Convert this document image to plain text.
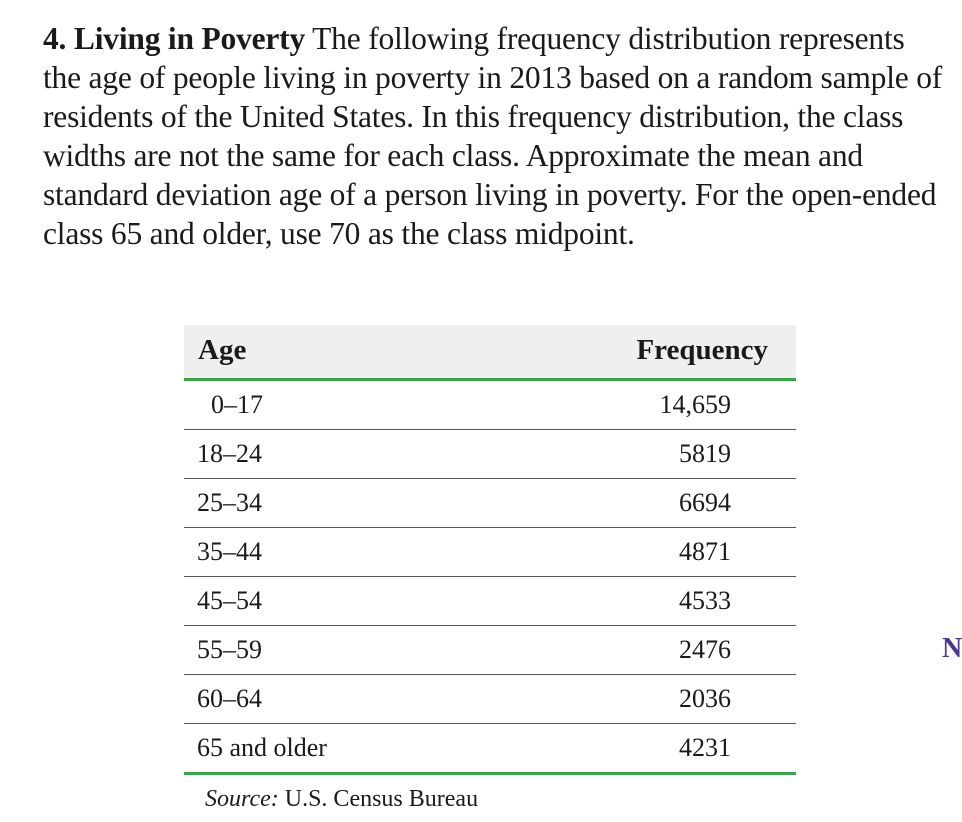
4. Living in Poverty The following frequency distribution represents the age of people living in poverty in 2013 based on a random sample of residents of the United States. In this frequency distribution, the class widths are not the same for each class. Approximate the mean and standard deviation age of a person living in poverty. For the open-ended class 65 and older, use 70 as the class midpoint.
Age	Frequency
0–17	14,659
18–24	5819
25–34	6694
35–44	4871
45–54	4533
55–59	2476
60–64	2036
65 and older	4231
Source: U.S. Census Bureau
N
